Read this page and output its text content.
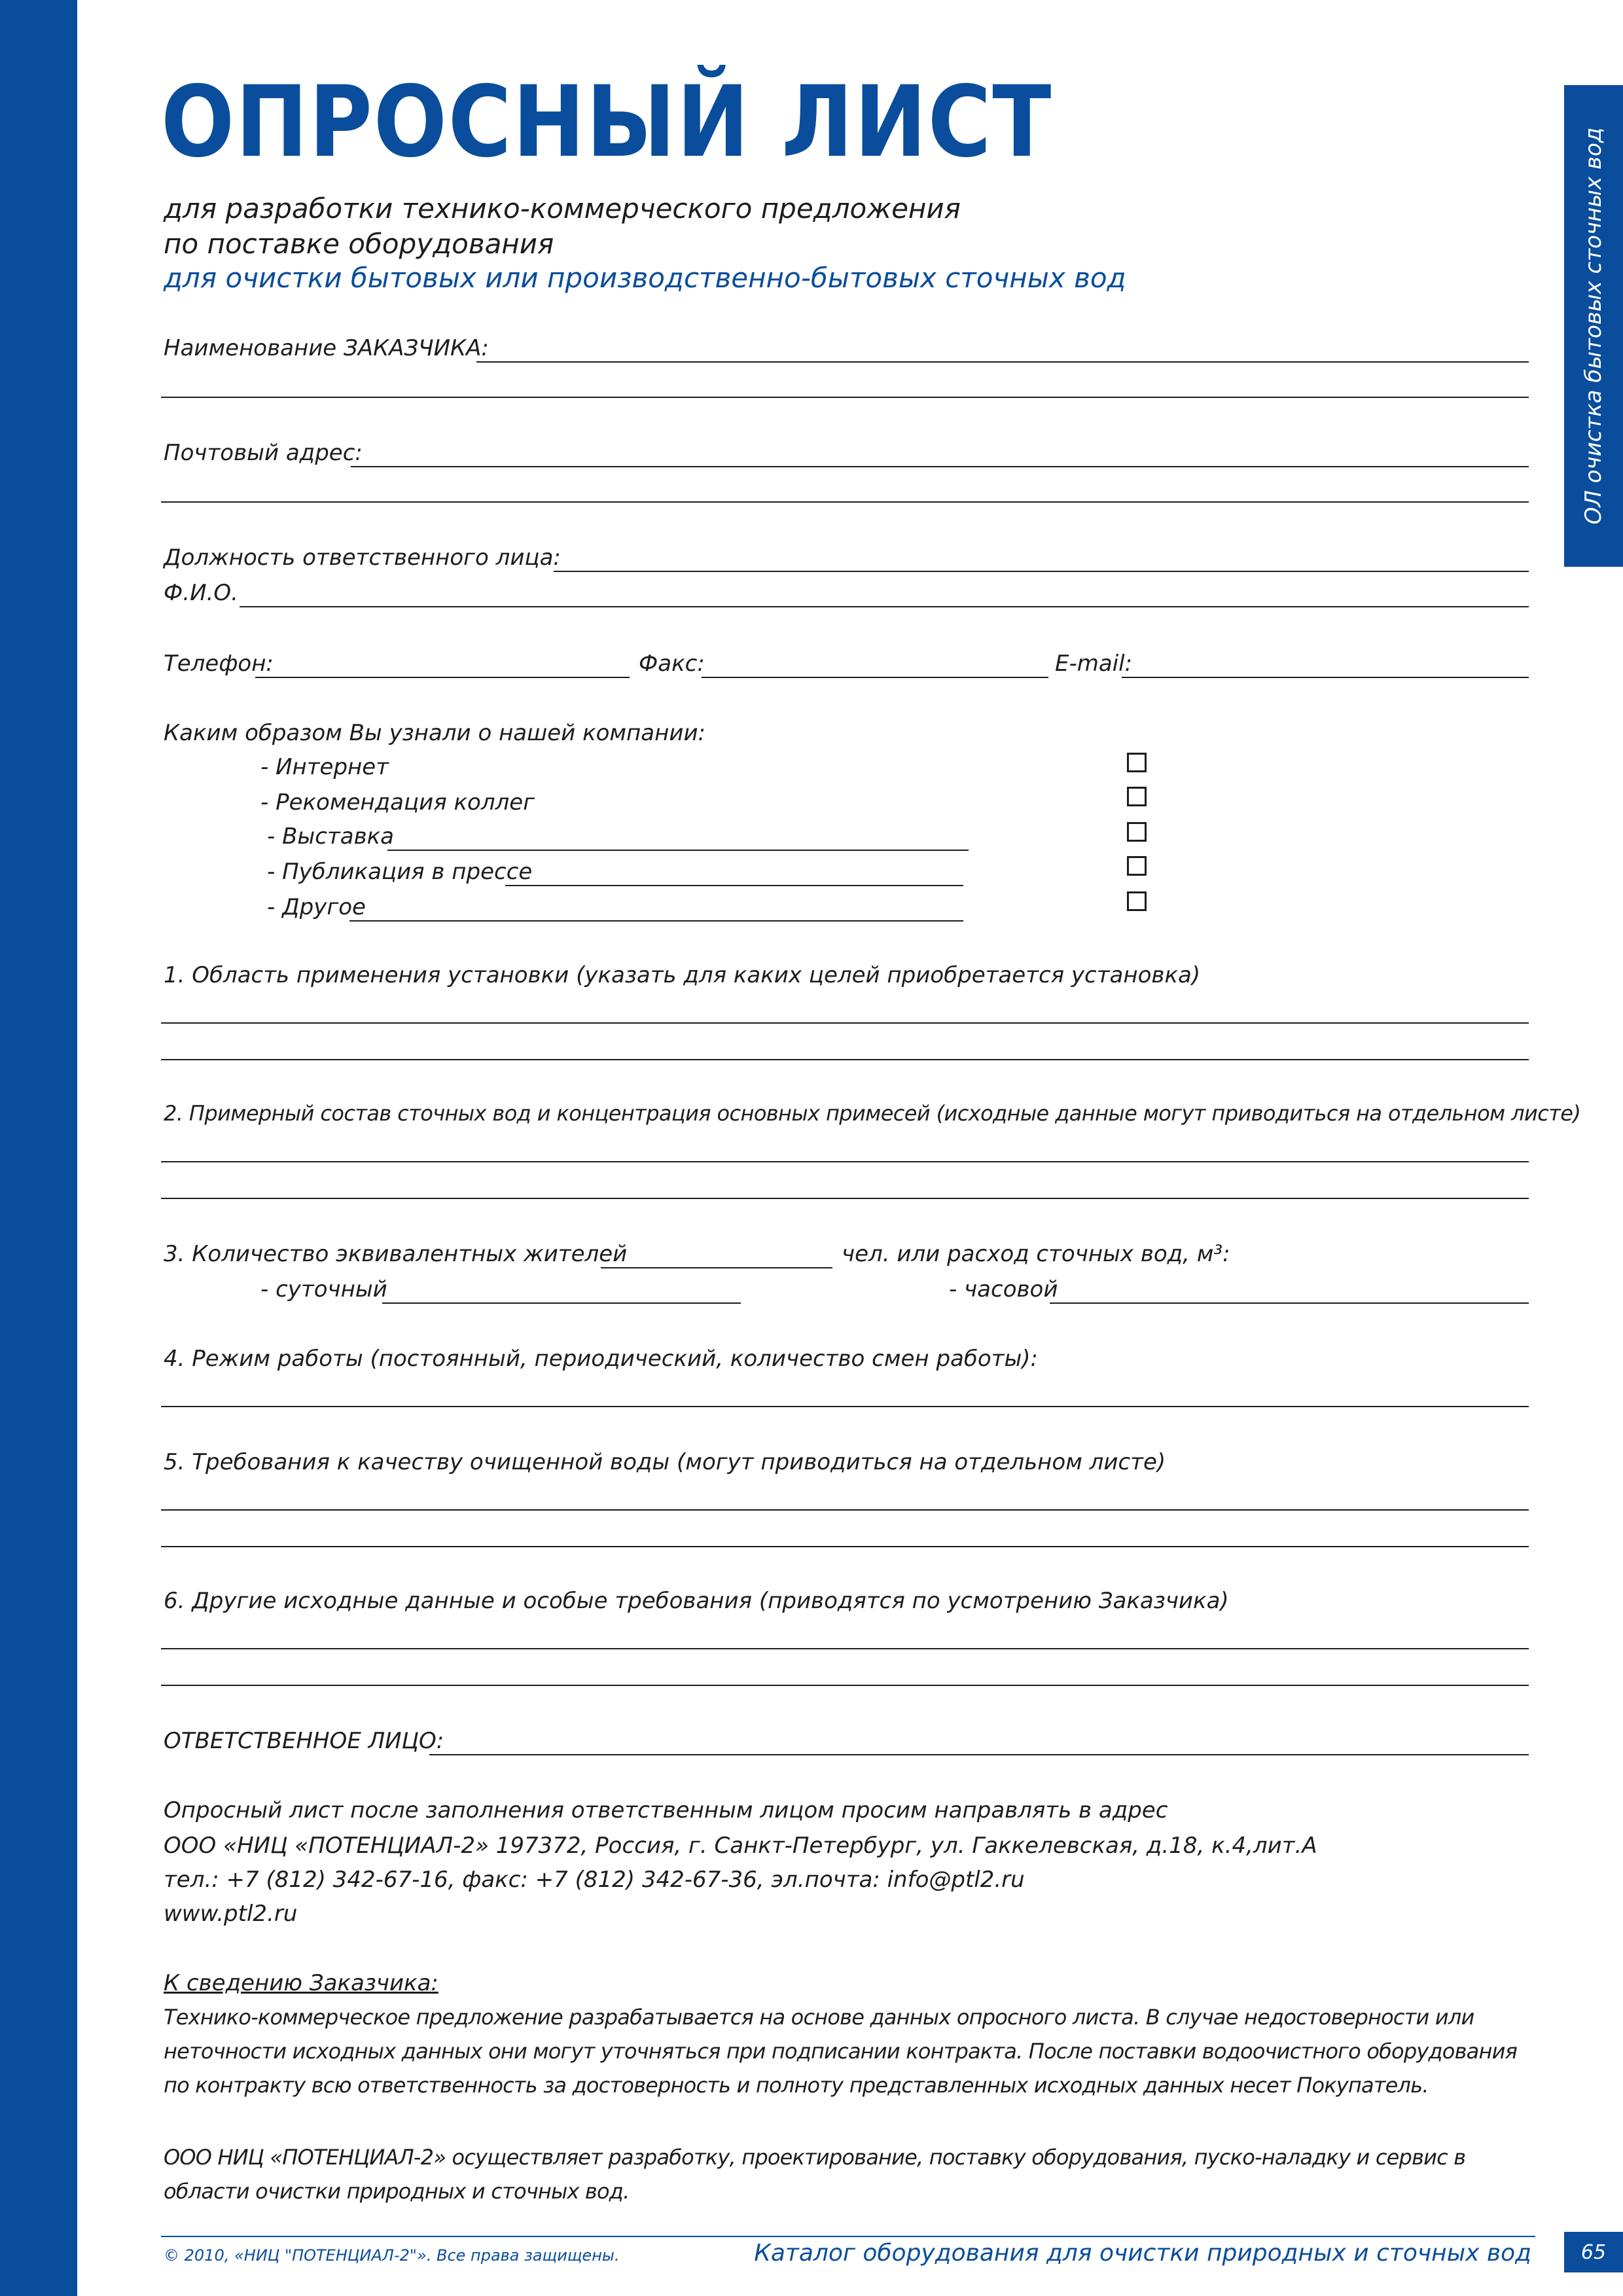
ОЛ очистка бытовых сточных вод
ОПРОСНЫЙ ЛИСТ
для разработки технико-коммерческого предложения
по поставке оборудования
для очистки бытовых или производственно-бытовых сточных вод
Наименование ЗАКАЗЧИКА:
Почтовый адрес:
Должность ответственного лица:
Ф.И.О.
Телефон:	Факс:	E-mail:
Каким образом Вы узнали о нашей компании:
- Интернет
- Рекомендация коллег
- Выставка
- Публикация в прессе
- Другое
1. Область применения установки (указать для каких целей приобретается установка)
2. Примерный состав сточных вод и концентрация основных примесей (исходные данные могут приводиться на отдельном листе)
3. Количество эквивалентных жителей	чел. или расход сточных вод, м³:
- суточный	- часовой
4. Режим работы (постоянный, периодический, количество смен работы):
5. Требования к качеству очищенной воды (могут приводиться на отдельном листе)
6. Другие исходные данные и особые требования (приводятся по усмотрению Заказчика)
ОТВЕТСТВЕННОЕ ЛИЦО:
Опросный лист после заполнения ответственным лицом просим направлять в адрес
ООО «НИЦ «ПОТЕНЦИАЛ-2» 197372, Россия, г. Санкт-Петербург, ул. Гаккелевская, д.18, к.4,лит.А
тел.: +7 (812) 342-67-16, факс: +7 (812) 342-67-36, эл.почта: info@ptl2.ru
www.ptl2.ru
К сведению Заказчика:
Технико-коммерческое предложение разрабатывается на основе данных опросного листа. В случае недостоверности или неточности исходных данных они могут уточняться при подписании контракта. После поставки водоочистного оборудования по контракту всю ответственность за достоверность и полноту представленных исходных данных несет Покупатель.
ООО НИЦ «ПОТЕНЦИАЛ-2» осуществляет разработку, проектирование, поставку оборудования, пуско-наладку и сервис в области очистки природных и сточных вод.
© 2010, «НИЦ "ПОТЕНЦИАЛ-2"». Все права защищены.	Каталог оборудования для очистки природных и сточных вод	65
